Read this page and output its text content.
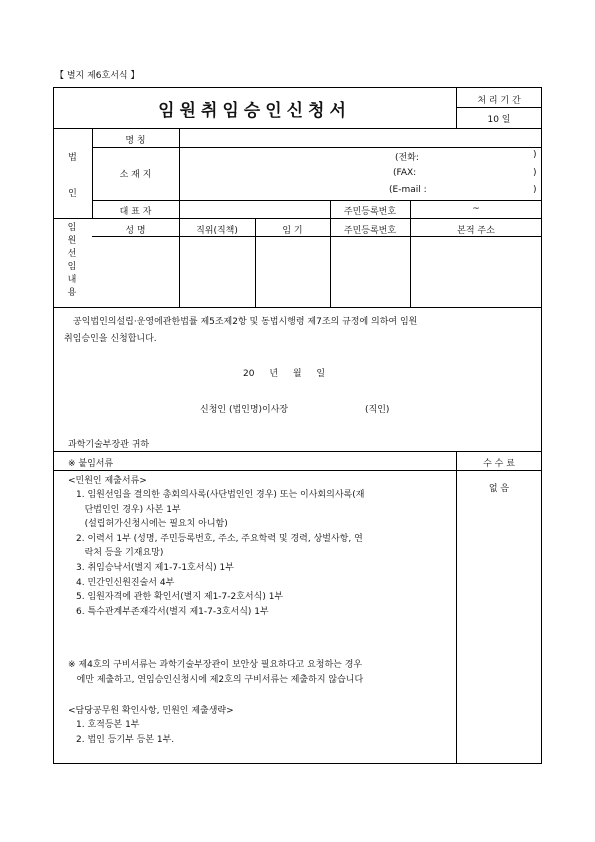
【 별지 제6호서식 】
임원취임승인신청서	처 리 기 간
10 일
법
인
명 칭
소 재 지
(전화:	)
(FAX:	)
(E-mail :	)
대 표 자	주민등록번호	~
임
원
선
임
내
용
성 명	직위(직책)	임 기	주민등록번호	본적 주소
공익법인의설립·운영에관한법률 제5조제2항 및 동법시행령 제7조의 규정에 의하여 임원
취임승인을 신청합니다.
20 년 월 일
신청인 (법인명)이사장	(직인)
과학기술부장관 귀하
※ 붙임서류	수 수 료
없 음
<민원인 제출서류>
1. 임원선임을 결의한 총회의사록(사단법인인 경우) 또는 이사회의사록(재
단법인인 경우) 사본 1부
(설립허가신청시에는 필요치 아니함)
2. 이력서 1부 (성명, 주민등록번호, 주소, 주요학력 및 경력, 상벌사항, 연
락처 등을 기재요망)
3. 취임승낙서(별지 제1-7-1호서식) 1부
4. 민간인신원진술서 4부
5. 임원자격에 관한 확인서(별지 제1-7-2호서식) 1부
6. 특수관계부존재각서(별지 제1-7-3호서식) 1부
※ 제4호의 구비서류는 과학기술부장관이 보안상 필요하다고 요청하는 경우
에만 제출하고, 연임승인신청시에 제2호의 구비서류는 제출하지 않습니다
<담당공무원 확인사항, 민원인 제출생략>
1. 호적등본 1부
2. 법인 등기부 등본 1부.
